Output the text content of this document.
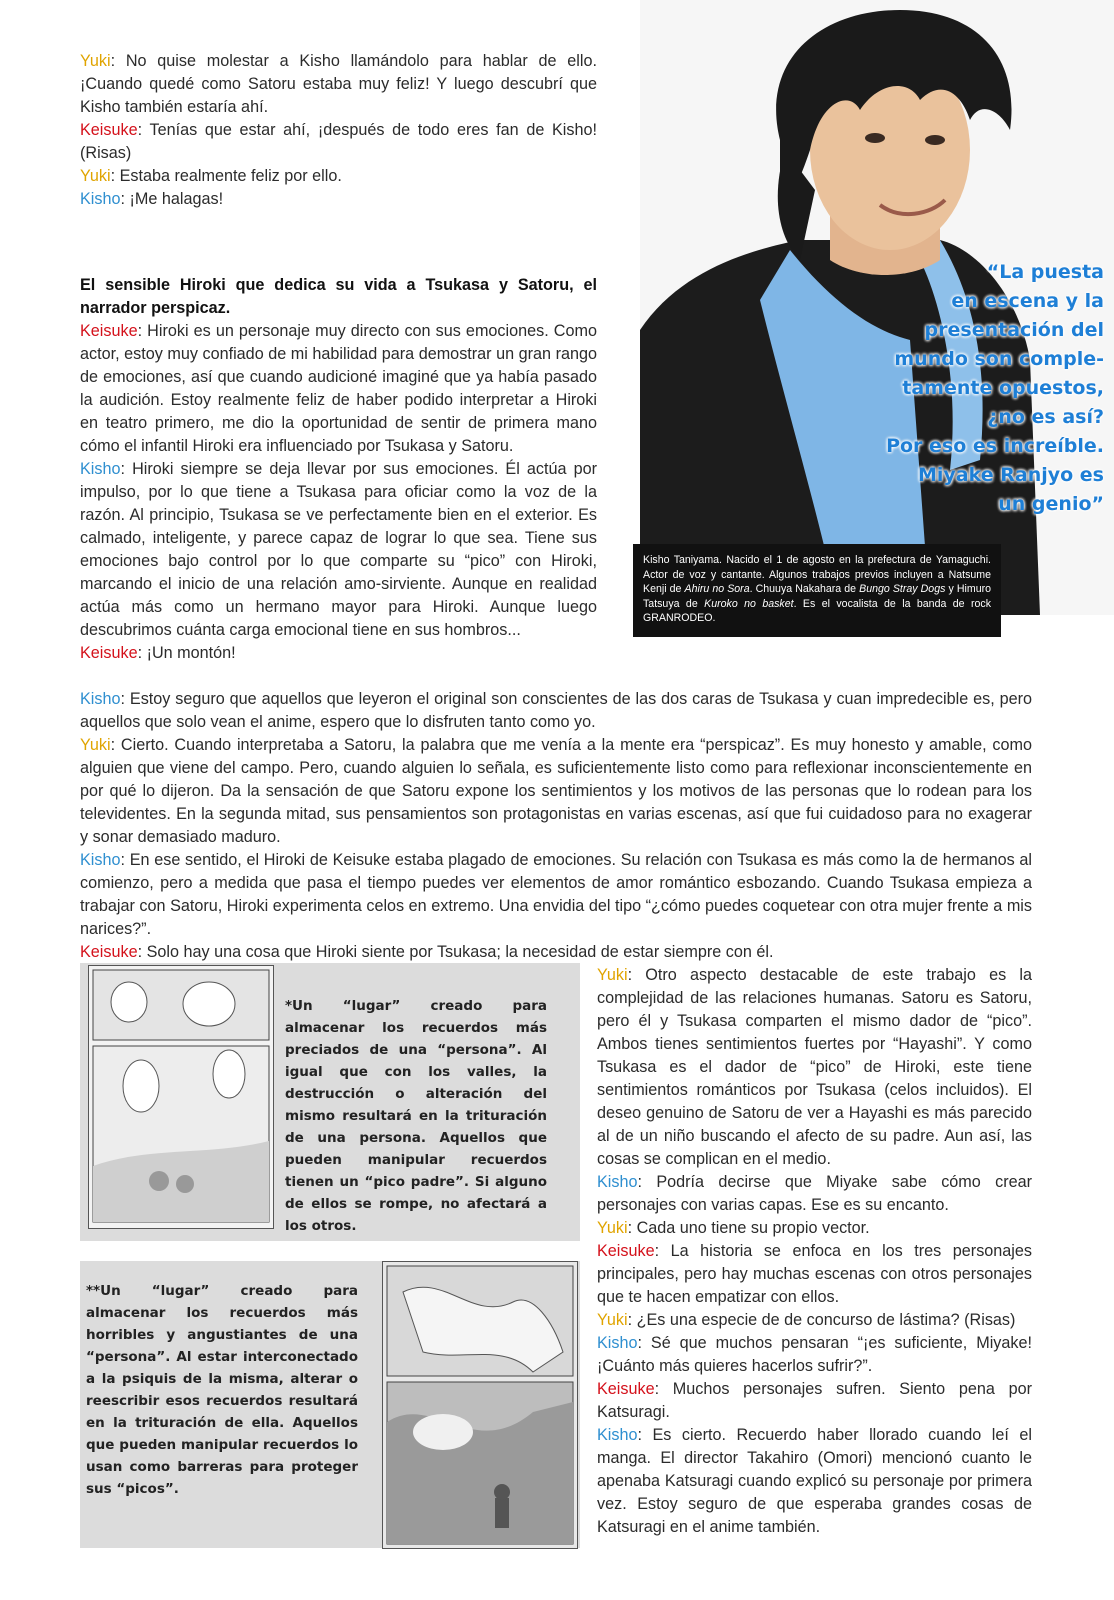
Yuki: No quise molestar a Kisho llamándolo para hablar de ello. ¡Cuando quedé como Satoru estaba muy feliz! Y luego descubrí que Kisho también estaría ahí.

Keisuke: Tenías que estar ahí, ¡después de todo eres fan de Kisho! (Risas)

Yuki: Estaba realmente feliz por ello.

Kisho: ¡Me halagas!

El sensible Hiroki que dedica su vida a Tsukasa y Satoru, el narrador perspicaz.

Keisuke: Hiroki es un personaje muy directo con sus emociones. Como actor, estoy muy confiado de mi habilidad para demostrar un gran rango de emociones, así que cuando audicioné imaginé que ya había pasado la audición. Estoy realmente feliz de haber podido interpretar a Hiroki en teatro primero, me dio la oportunidad de sentir de primera mano cómo el infantil Hiroki era influenciado por Tsukasa y Satoru.

Kisho: Hiroki siempre se deja llevar por sus emociones. Él actúa por impulso, por lo que tiene a Tsukasa para oficiar como la voz de la razón. Al principio, Tsukasa se ve perfectamente bien en el exterior. Es calmado, inteligente, y parece capaz de lograr lo que sea. Tiene sus emociones bajo control por lo que comparte su “pico” con Hiroki, marcando el inicio de una relación amo-sirviente. Aunque en realidad actúa más como un hermano mayor para Hiroki. Aunque luego descubrimos cuánta carga emocional tiene en sus hombros...

Keisuke: ¡Un montón!

“La puesta
en escena y la
presentación del
mundo son comple-
tamente opuestos,
¿no es así?
Por eso es increíble.
Miyake Ranjyo es
un genio”
Kisho Taniyama. Nacido el 1 de agosto en la prefectura de Yamaguchi. Actor de voz y cantante. Algunos trabajos previos incluyen a Natsume Kenji de Ahiru no Sora. Chuuya Nakahara de Bungo Stray Dogs y Himuro Tatsuya de Kuroko no basket. Es el vocalista de la banda de rock GRANRODEO.

Kisho: Estoy seguro que aquellos que leyeron el original son conscientes de las dos caras de Tsukasa y cuan impredecible es, pero aquellos que solo vean el anime, espero que lo disfruten tanto como yo.

Yuki: Cierto. Cuando interpretaba a Satoru, la palabra que me venía a la mente era “perspicaz”. Es muy honesto y amable, como alguien que viene del campo. Pero, cuando alguien lo señala, es suficientemente listo como para reflexionar inconscientemente en por qué lo dijeron. Da la sensación de que Satoru expone los sentimientos y los motivos de las personas que lo rodean para los televidentes. En la segunda mitad, sus pensamientos son protagonistas en varias escenas, así que fui cuidadoso para no exagerar y sonar demasiado maduro.

Kisho: En ese sentido, el Hiroki de Keisuke estaba plagado de emociones. Su relación con Tsukasa es más como la de hermanos al comienzo, pero a medida que pasa el tiempo puedes ver elementos de amor romántico esbozando. Cuando Tsukasa empieza a trabajar con Satoru, Hiroki experimenta celos en extremo. Una envidia del tipo “¿cómo puedes coquetear con otra mujer frente a mis narices?”.

Keisuke: Solo hay una cosa que Hiroki siente por Tsukasa; la necesidad de estar siempre con él.

Yuki: Otro aspecto destacable de este trabajo es la complejidad de las relaciones humanas. Satoru es Satoru, pero él y Tsukasa comparten el mismo dador de “pico”. Ambos tienes sentimientos fuertes por “Hayashi”. Y como Tsukasa es el dador de “pico” de Hiroki, este tiene sentimientos románticos por Tsukasa (celos incluidos). El deseo genuino de Satoru de ver a Hayashi es más parecido al de un niño buscando el afecto de su padre. Aun así, las cosas se complican en el medio.

Kisho: Podría decirse que Miyake sabe cómo crear personajes con varias capas. Ese es su encanto.

Yuki: Cada uno tiene su propio vector.

Keisuke: La historia se enfoca en los tres personajes principales, pero hay muchas escenas con otros personajes que te hacen empatizar con ellos.

Yuki: ¿Es una especie de de concurso de lástima? (Risas)

Kisho: Sé que muchos pensaran “¡es suficiente, Miyake! ¡Cuánto más quieres hacerlos sufrir?”.

Keisuke: Muchos personajes sufren. Siento pena por Katsuragi.

Kisho: Es cierto. Recuerdo haber llorado cuando leí el manga. El director Takahiro (Omori) mencionó cuanto le apenaba Katsuragi cuando explicó su personaje por primera vez. Estoy seguro de que esperaba grandes cosas de Katsuragi en el anime también.

*Un “lugar” creado para almacenar los recuerdos más preciados de una “persona”. Al igual que con los valles, la destrucción o alteración del mismo resultará en la trituración de una persona. Aquellos que pueden manipular recuerdos tienen un “pico padre”. Si alguno de ellos se rompe, no afectará a los otros.
**Un “lugar” creado para almacenar los recuerdos más horribles y angustiantes de una “persona”. Al estar interconectado a la psiquis de la misma, alterar o reescribir esos recuerdos resultará en la trituración de ella. Aquellos que pueden manipular recuerdos lo usan como barreras para proteger sus “picos”.
